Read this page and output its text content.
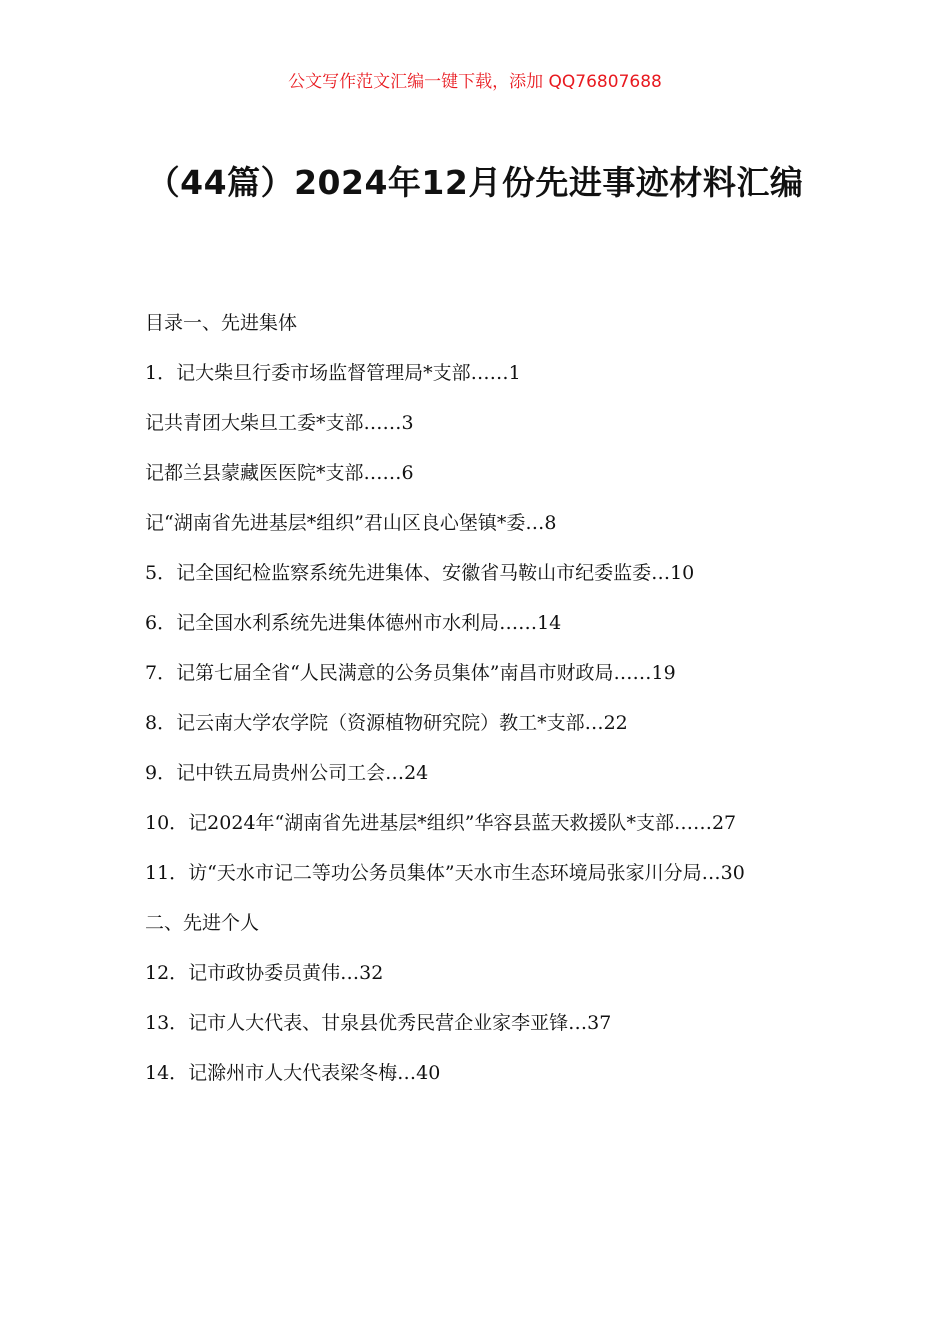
公文写作范文汇编一键下载，添加 QQ76807688
（44篇）2024年12月份先进事迹材料汇编
目录一、先进集体
1．记大柴旦行委市场监督管理局*支部……1
记共青团大柴旦工委*支部……3
记都兰县蒙藏医医院*支部……6
记“湖南省先进基层*组织”君山区良心堡镇*委…8
5．记全国纪检监察系统先进集体、安徽省马鞍山市纪委监委…10
6．记全国水利系统先进集体德州市水利局……14
7．记第七届全省“人民满意的公务员集体”南昌市财政局……19
8．记云南大学农学院（资源植物研究院）教工*支部…22
9．记中铁五局贵州公司工会…24
10．记2024年“湖南省先进基层*组织”华容县蓝天救援队*支部……27
11．访“天水市记二等功公务员集体”天水市生态环境局张家川分局…30
二、先进个人
12．记市政协委员黄伟…32
13．记市人大代表、甘泉县优秀民营企业家李亚锋…37
14．记滁州市人大代表梁冬梅…40
